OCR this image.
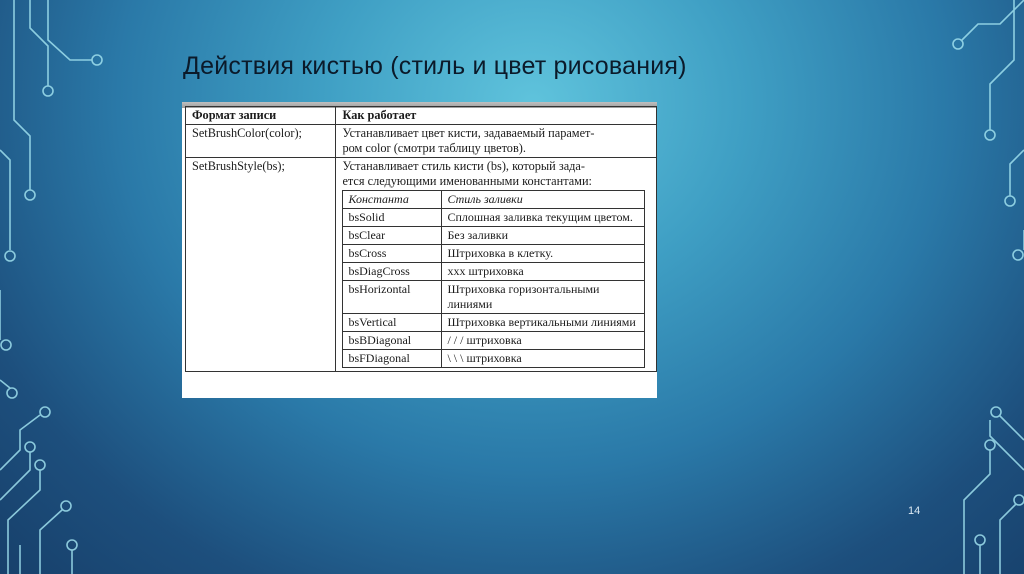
Действия кистью (стиль и цвет рисования)
Формат записи	Как работает
SetBrushColor(color);	Устанавливает цвет кисти, задаваемый парамет-
ром color (смотри таблицу цветов).

SetBrushStyle(bs);	Устанавливает стиль кисти (bs), который зада-
ется следующими именованными константами:
Константа	Стиль заливки
bsSolid	Сплошная заливка текущим цветом.
bsClear	Без заливки
bsCross	Штриховка в клетку.
bsDiagCross	xxx штриховка
bsHorizontal	Штриховка горизонтальными линиями
bsVertical	Штриховка вертикальными линиями
bsBDiagonal	/ / / штриховка
bsFDiagonal	\ \ \ штриховка
14
